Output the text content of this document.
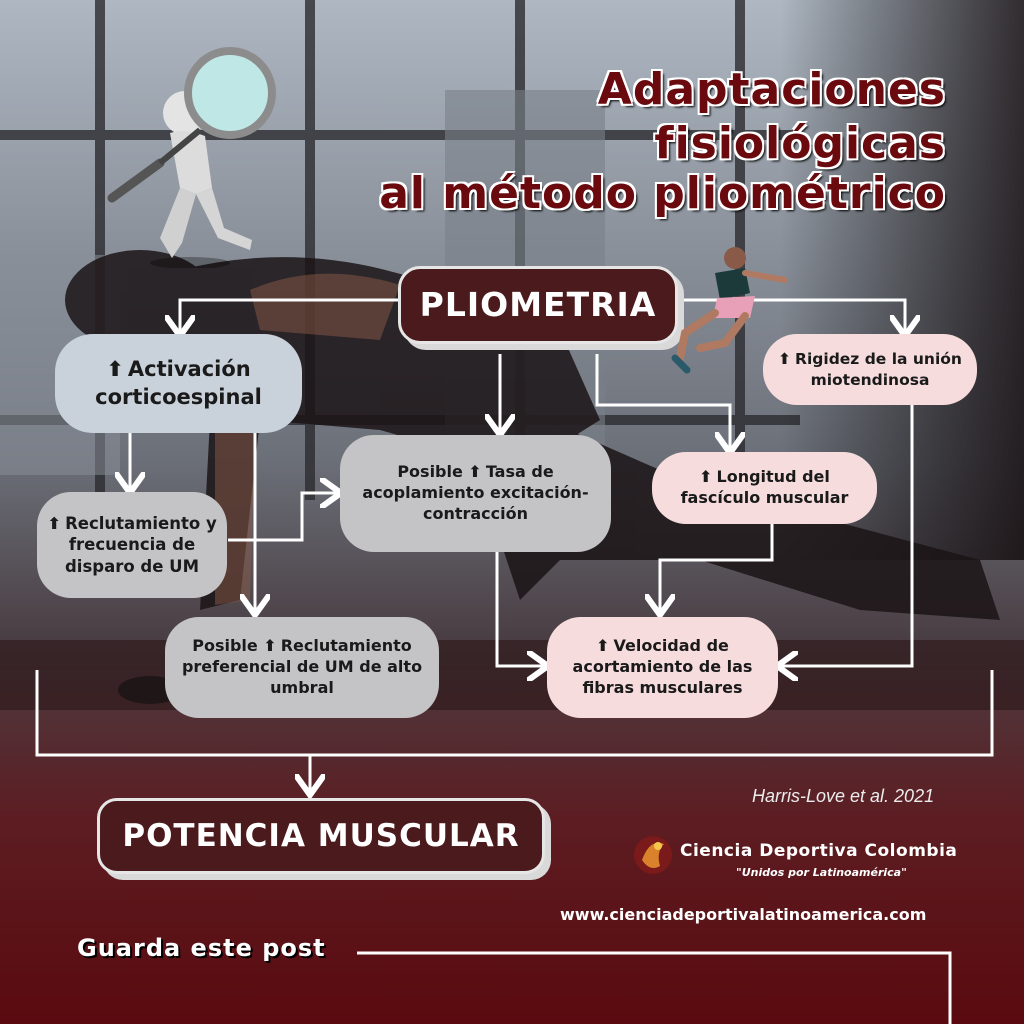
Adaptaciones
fisiológicas
al método pliométrico
PLIOMETRIA
⬆ Activación corticoespinal
⬆ Reclutamiento y frecuencia de disparo de UM
Posible ⬆ Reclutamiento preferencial de UM de alto umbral
Posible ⬆ Tasa de acoplamiento excitación-contracción
⬆ Rigidez de la unión miotendinosa
⬆ Longitud del fascículo muscular
⬆ Velocidad de acortamiento de las fibras musculares
POTENCIA MUSCULAR
Harris-Love et al. 2021
Ciencia Deportiva Colombia
"Unidos por Latinoamérica"
www.cienciadeportivalatinoamerica.com
Guarda este post
